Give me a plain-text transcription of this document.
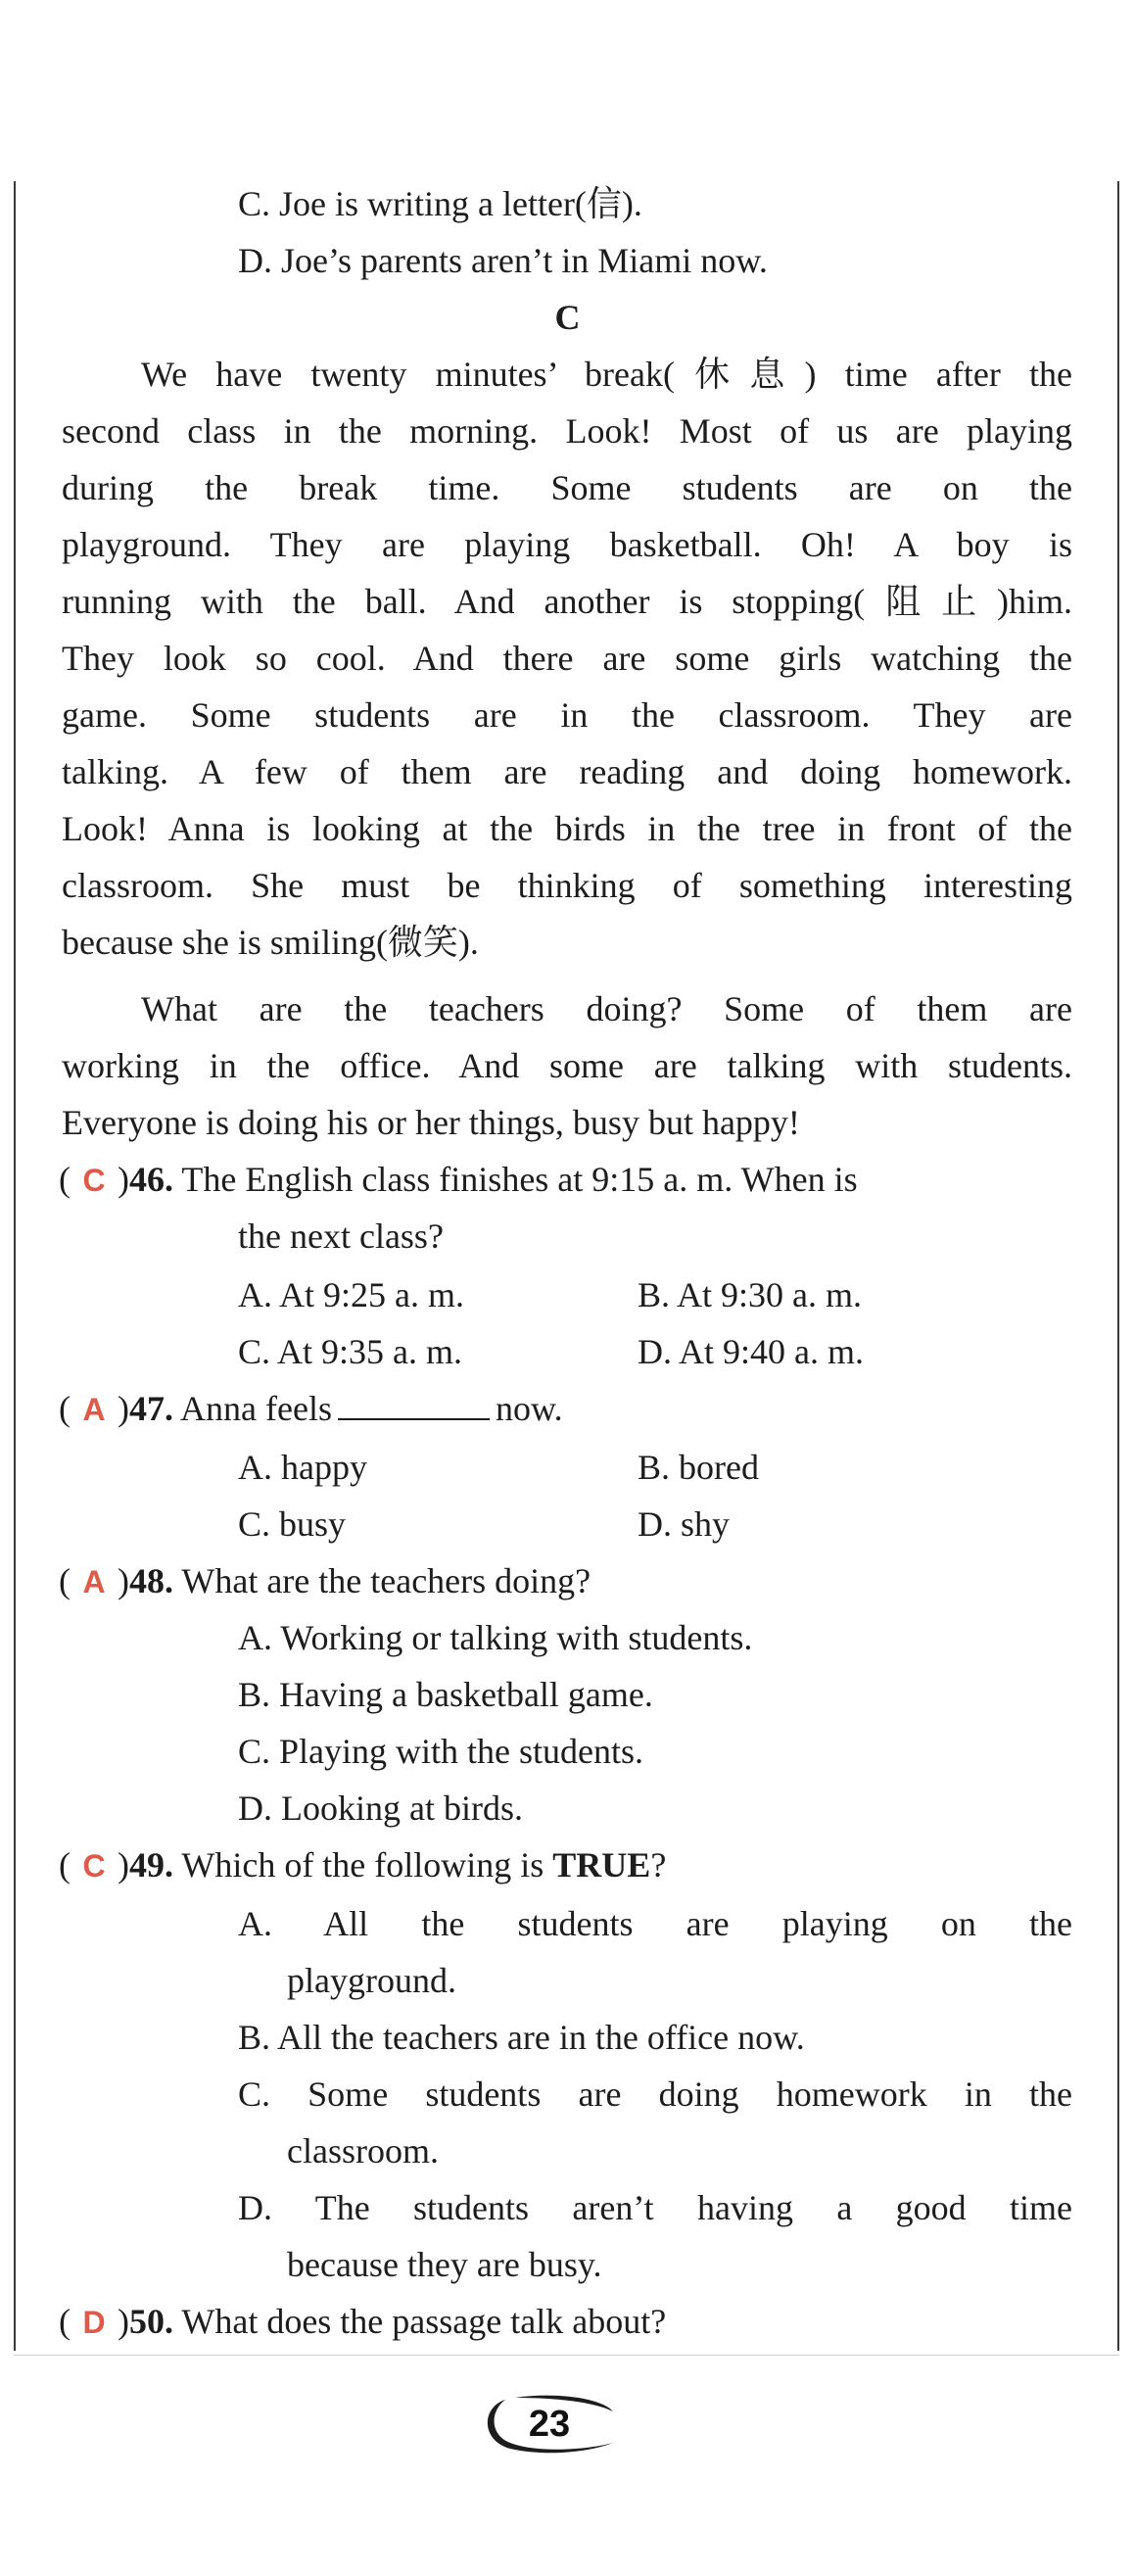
C. Joe is writing a letter(信).
D. Joe’s parents aren’t in Miami now.
C
We have twenty minutes’ break(休息) time after the
second class in the morning. Look! Most of us are playing
during the break time. Some students are on the
playground. They are playing basketball. Oh! A boy is
running with the ball. And another is stopping(阻止)him.
They look so cool. And there are some girls watching the
game. Some students are in the classroom. They are
talking. A few of them are reading and doing homework.
Look! Anna is looking at the birds in the tree in front of the
classroom. She must be thinking of something interesting
because she is smiling(微笑).
What are the teachers doing? Some of them are
working in the office. And some are talking with students.
Everyone is doing his or her things, busy but happy!
( C )46. The English class finishes at 9:15 a. m. When is
the next class?
A. At 9:25 a. m.	B. At 9:30 a. m.
C. At 9:35 a. m.	D. At 9:40 a. m.
( A )47. Anna feels	now.
A. happy	B. bored
C. busy	D. shy
( A )48. What are the teachers doing?
A. Working or talking with students.
B. Having a basketball game.
C. Playing with the students.
D. Looking at birds.
( C )49. Which of the following is TRUE?
A. All the students are playing on the
playground.
B. All the teachers are in the office now.
C. Some students are doing homework in the
classroom.
D. The students aren’t having a good time
because they are busy.
( D )50. What does the passage talk about?
23
